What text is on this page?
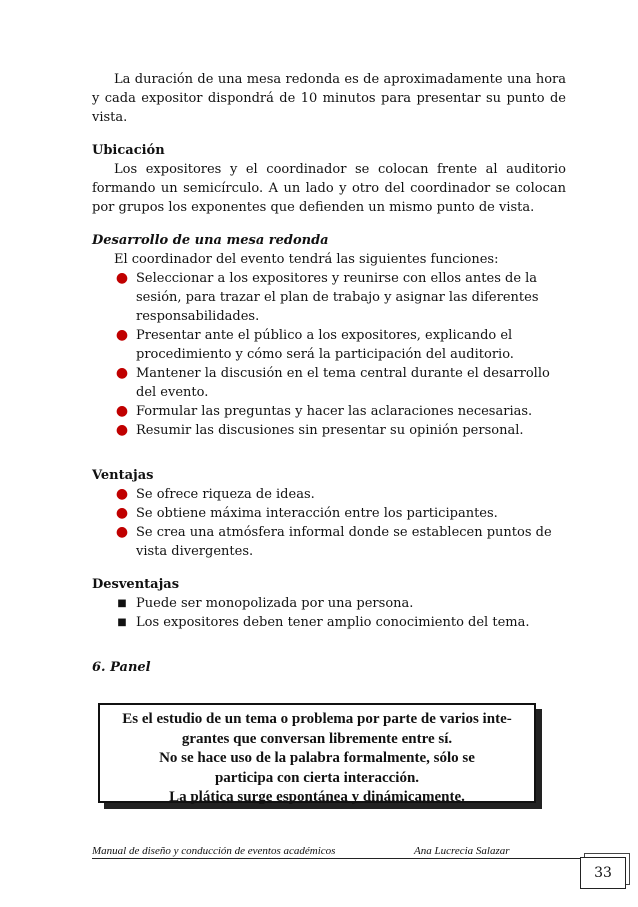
La duración de una mesa redonda es de aproximadamente una hora y cada expositor dispondrá de 10 minutos para presentar su punto de vista.

Ubicación

Los expositores y el coordinador se colocan frente al auditorio formando un semicírculo. A un lado y otro del coordinador se colocan por grupos los exponentes que defienden un mismo punto de vista.

Desarrollo de una mesa redonda

El coordinador del evento tendrá las siguientes funciones:

● Seleccionar a los expositores y reunirse con ellos antes de la sesión, para trazar el plan de trabajo y asignar las diferentes responsabilidades.
● Presentar ante el público a los expositores, explicando el procedimiento y cómo será la participación del auditorio.
● Mantener la discusión en el tema central durante el desarrollo del evento.
● Formular las preguntas y hacer las aclaraciones necesarias.
● Resumir las discusiones sin presentar su opinión personal.

Ventajas

● Se ofrece riqueza de ideas.
● Se obtiene máxima interacción entre los participantes.
● Se crea una atmósfera informal donde se establecen puntos de vista divergentes.

Desventajas

■ Puede ser monopolizada por una persona.
■ Los expositores deben tener amplio conocimiento del tema.

6. Panel

Es el estudio de un tema o problema por parte de varios inte-
grantes que conversan libremente entre sí.
No se hace uso de la palabra formalmente, sólo se
participa con cierta interacción.
La plática surge espontánea y dinámicamente.
Manual de diseño y conducción de eventos académicos	Ana Lucrecia Salazar
33
